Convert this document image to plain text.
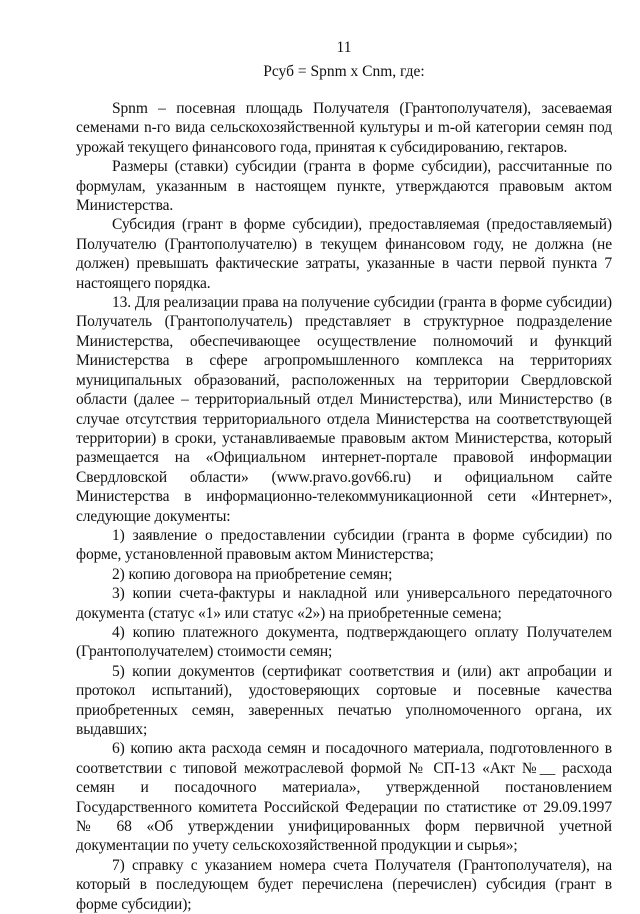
11
Рсуб = Spnm x Cnm, где:

Spnm – посевная площадь Получателя (Грантополучателя), засеваемая семенами n-го вида сельскохозяйственной культуры и m-ой категории семян под урожай текущего финансового года, принятая к субсидированию, гектаров.

Размеры (ставки) субсидии (гранта в форме субсидии), рассчитанные по формулам, указанным в настоящем пункте, утверждаются правовым актом Министерства.

Субсидия (грант в форме субсидии), предоставляемая (предоставляемый) Получателю (Грантополучателю) в текущем финансовом году, не должна (не должен) превышать фактические затраты, указанные в части первой пункта 7 настоящего порядка.

13. Для реализации права на получение субсидии (гранта в форме субсидии) Получатель (Грантополучатель) представляет в структурное подразделение Министерства, обеспечивающее осуществление полномочий и функций Министерства в сфере агропромышленного комплекса на территориях муниципальных образований, расположенных на территории Свердловской области (далее – территориальный отдел Министерства), или Министерство (в случае отсутствия территориального отдела Министерства на соответствующей территории) в сроки, устанавливаемые правовым актом Министерства, который размещается на «Официальном интернет-портале правовой информации Свердловской области» (www.pravo.gov66.ru) и официальном сайте Министерства в информационно-телекоммуникационной сети «Интернет», следующие документы:

1) заявление о предоставлении субсидии (гранта в форме субсидии) по форме, установленной правовым актом Министерства;

2) копию договора на приобретение семян;

3) копии счета-фактуры и накладной или универсального передаточного документа (статус «1» или статус «2») на приобретенные семена;

4) копию платежного документа, подтверждающего оплату Получателем (Грантополучателем) стоимости семян;

5) копии документов (сертификат соответствия и (или) акт апробации и протокол испытаний), удостоверяющих сортовые и посевные качества приобретенных семян, заверенных печатью уполномоченного органа, их выдавших;

6) копию акта расхода семян и посадочного материала, подготовленного в соответствии с типовой межотраслевой формой № СП-13 «Акт №__ расхода семян и посадочного материала», утвержденной постановлением Государственного комитета Российской Федерации по статистике от 29.09.1997 № 68 «Об утверждении унифицированных форм первичной учетной документации по учету сельскохозяйственной продукции и сырья»;

7) справку с указанием номера счета Получателя (Грантополучателя), на который в последующем будет перечислена (перечислен) субсидия (грант в форме субсидии);
